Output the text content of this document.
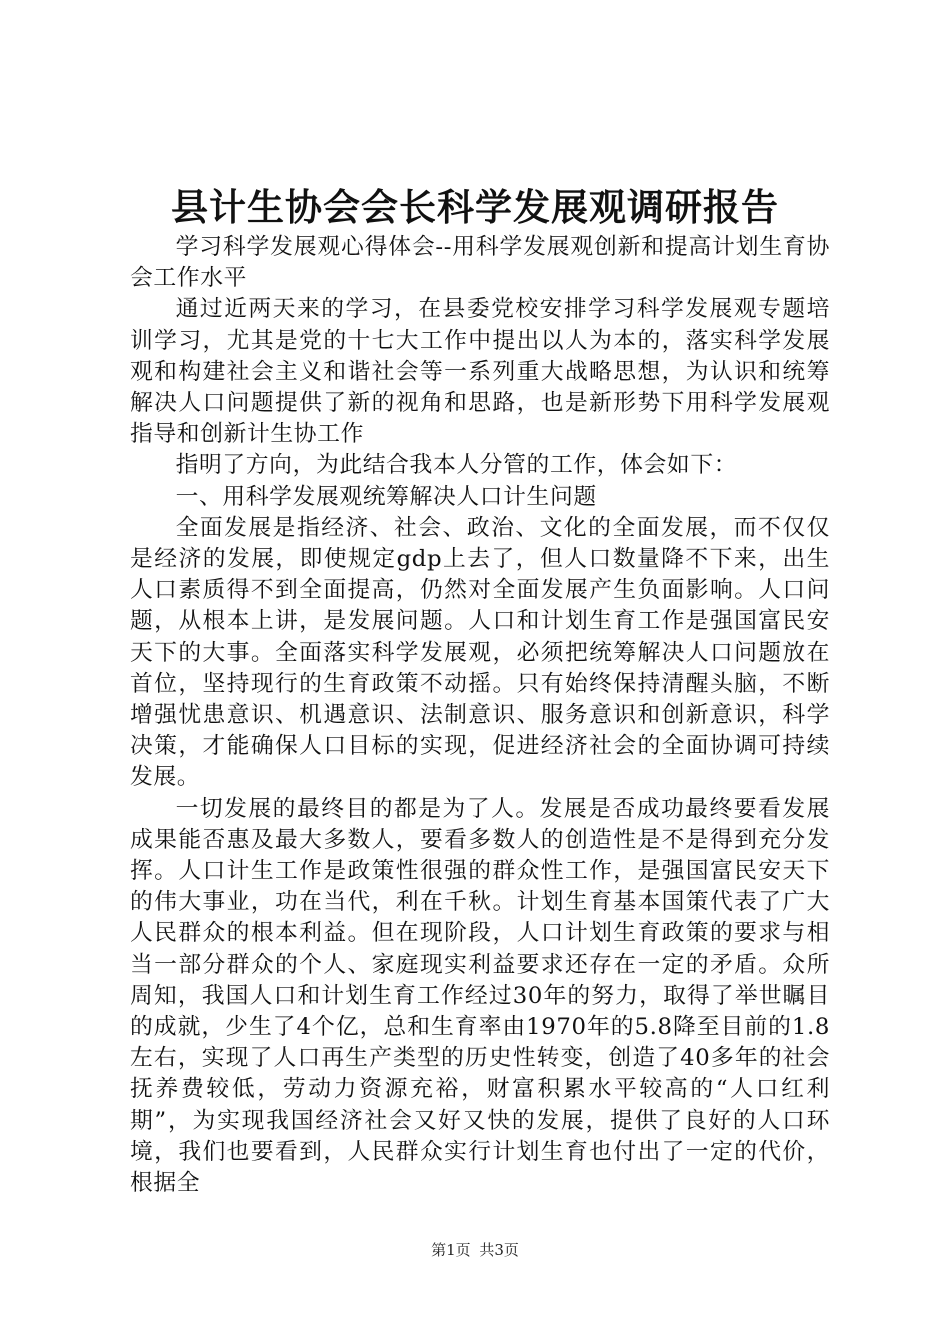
县计生协会会长科学发展观调研报告

学习科学发展观心得体会--用科学发展观创新和提高计划生育协会工作水平

通过近两天来的学习，在县委党校安排学习科学发展观专题培训学习，尤其是党的十七大工作中提出以人为本的，落实科学发展观和构建社会主义和谐社会等一系列重大战略思想，为认识和统筹解决人口问题提供了新的视角和思路，也是新形势下用科学发展观指导和创新计生协工作

指明了方向，为此结合我本人分管的工作，体会如下：

一、用科学发展观统筹解决人口计生问题

全面发展是指经济、社会、政治、文化的全面发展，而不仅仅是经济的发展，即使规定gdp上去了，但人口数量降不下来，出生人口素质得不到全面提高，仍然对全面发展产生负面影响。人口问题，从根本上讲，是发展问题。人口和计划生育工作是强国富民安天下的大事。全面落实科学发展观，必须把统筹解决人口问题放在首位，坚持现行的生育政策不动摇。只有始终保持清醒头脑，不断增强忧患意识、机遇意识、法制意识、服务意识和创新意识，科学决策，才能确保人口目标的实现，促进经济社会的全面协调可持续发展。

一切发展的最终目的都是为了人。发展是否成功最终要看发展成果能否惠及最大多数人，要看多数人的创造性是不是得到充分发挥。人口计生工作是政策性很强的群众性工作，是强国富民安天下的伟大事业，功在当代，利在千秋。计划生育基本国策代表了广大人民群众的根本利益。但在现阶段，人口计划生育政策的要求与相当一部分群众的个人、家庭现实利益要求还存在一定的矛盾。众所周知，我国人口和计划生育工作经过30年的努力，取得了举世瞩目的成就，少生了4个亿，总和生育率由1970年的5.8降至目前的1.8左右，实现了人口再生产类型的历史性转变，创造了40多年的社会抚养费较低，劳动力资源充裕，财富积累水平较高的“人口红利期”，为实现我国经济社会又好又快的发展，提供了良好的人口环境，我们也要看到，人民群众实行计划生育也付出了一定的代价，根据全

第1页 共3页
